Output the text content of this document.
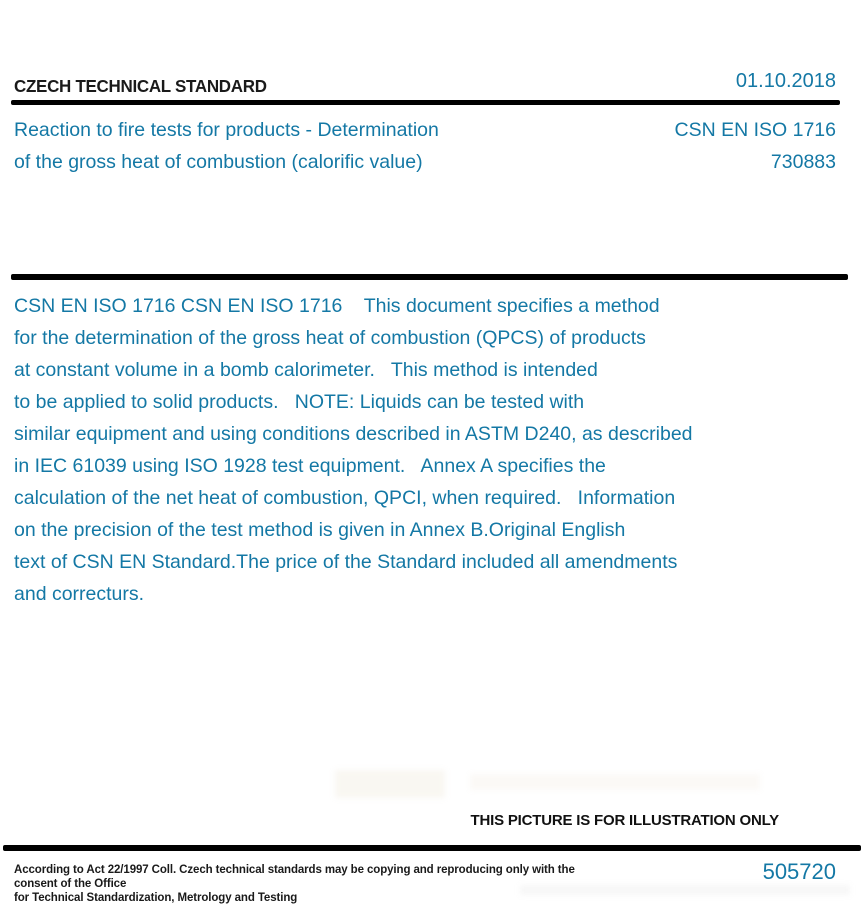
CZECH TECHNICAL STANDARD	01.10.2018
Reaction to fire tests for products - Determination
of the gross heat of combustion (calorific value)
CSN EN ISO 1716
730883
CSN EN ISO 1716 CSN EN ISO 1716    This document specifies a method
for the determination of the gross heat of combustion (QPCS) of products
at constant volume in a bomb calorimeter.   This method is intended
to be applied to solid products.   NOTE: Liquids can be tested with
similar equipment and using conditions described in ASTM D240, as described
in IEC 61039 using ISO 1928 test equipment.   Annex A specifies the
calculation of the net heat of combustion, QPCI, when required.   Information
on the precision of the test method is given in Annex B.Original English
text of CSN EN Standard.The price of the Standard included all amendments
and correcturs.
THIS PICTURE IS FOR ILLUSTRATION ONLY
According to Act 22/1997 Coll. Czech technical standards may be copying and reproducing only with the consent of the Office
for Technical Standardization, Metrology and Testing
505720
